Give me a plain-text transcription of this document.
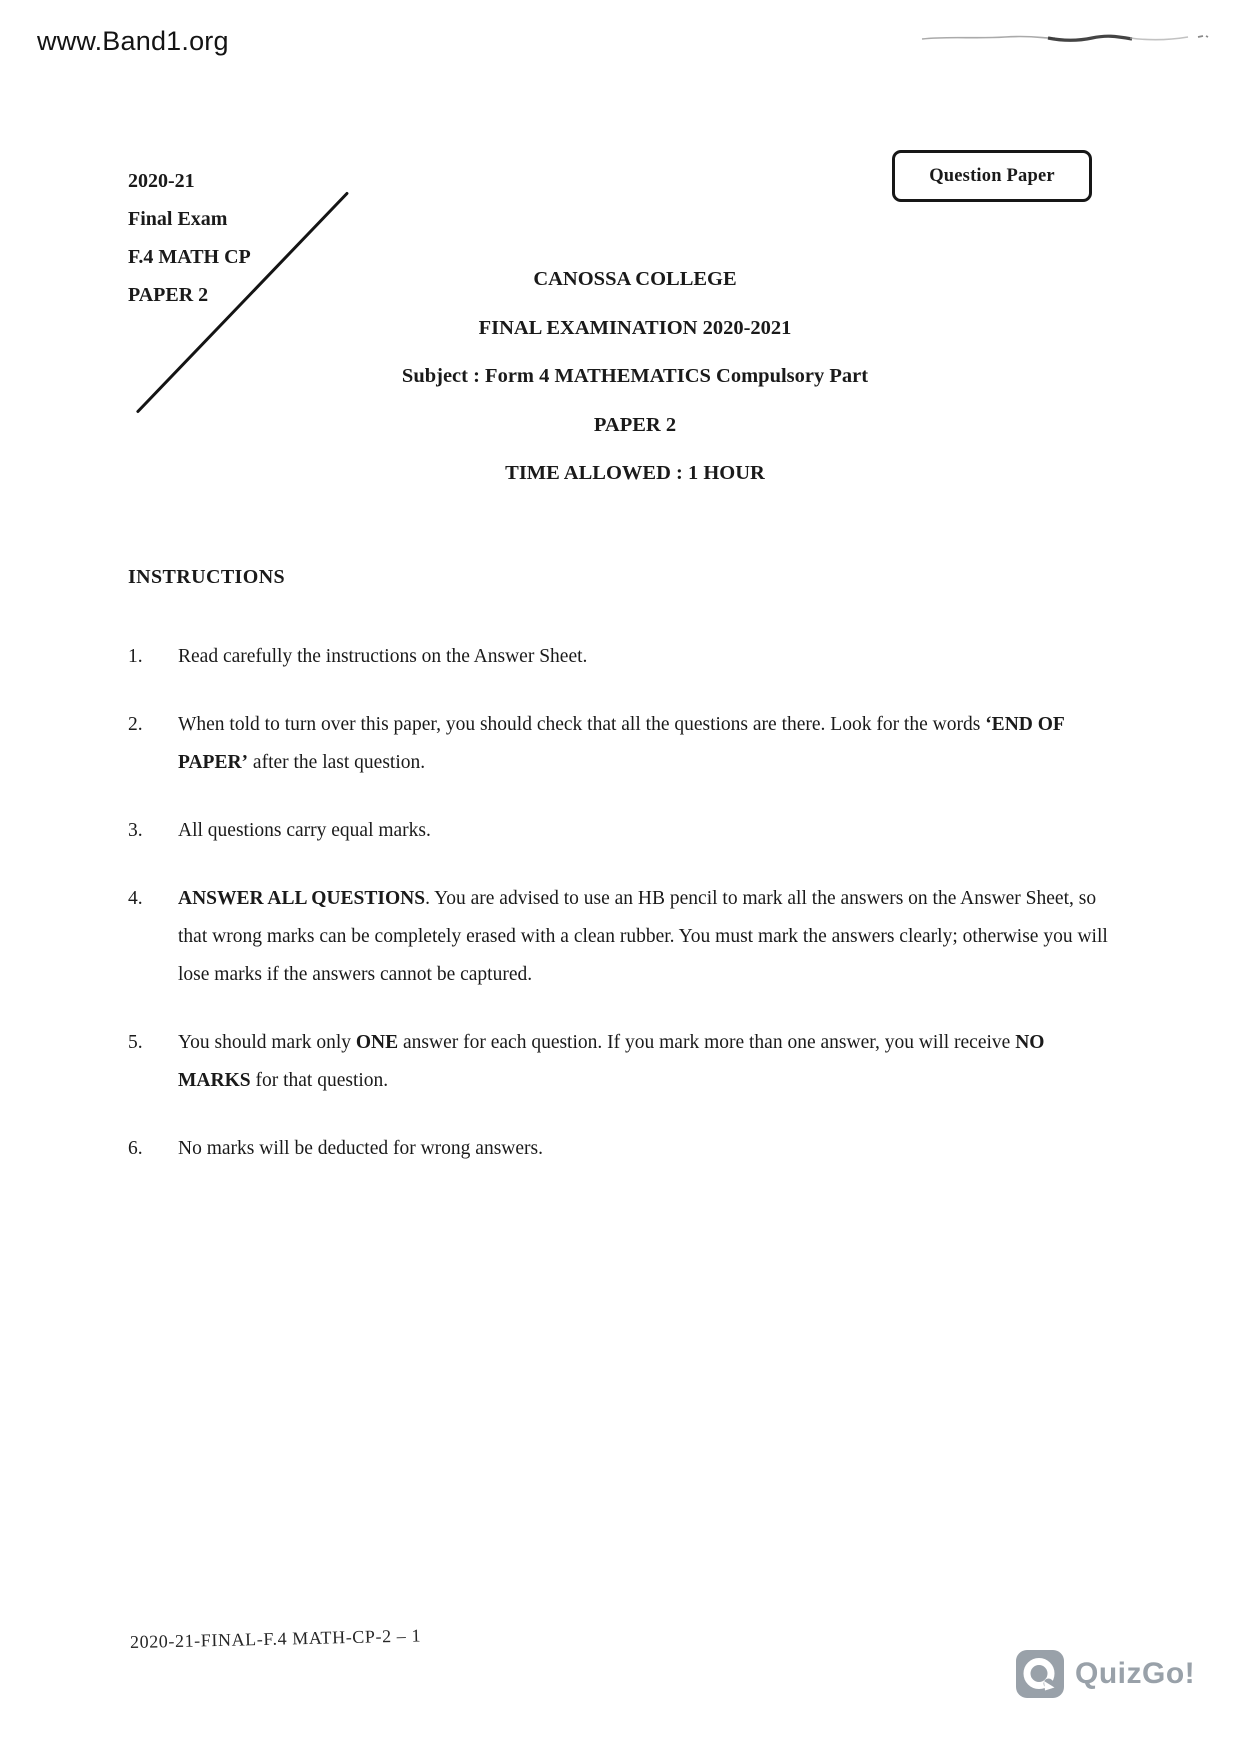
www.Band1.org
Question Paper
2020-21
Final Exam
F.4 MATH CP
PAPER 2
CANOSSA COLLEGE
FINAL EXAMINATION 2020-2021
Subject : Form 4 MATHEMATICS Compulsory Part
PAPER 2
TIME ALLOWED : 1 HOUR
INSTRUCTIONS
1.	Read carefully the instructions on the Answer Sheet.
2.	When told to turn over this paper, you should check that all the questions are there. Look for the words ‘END OF PAPER’ after the last question.
3.	All questions carry equal marks.
4.	ANSWER ALL QUESTIONS. You are advised to use an HB pencil to mark all the answers on the Answer Sheet, so that wrong marks can be completely erased with a clean rubber. You must mark the answers clearly; otherwise you will lose marks if the answers cannot be captured.
5.	You should mark only ONE answer for each question. If you mark more than one answer, you will receive NO MARKS for that question.
6.	No marks will be deducted for wrong answers.
2020-21-FINAL-F.4 MATH-CP-2 – 1
QuizGo!
